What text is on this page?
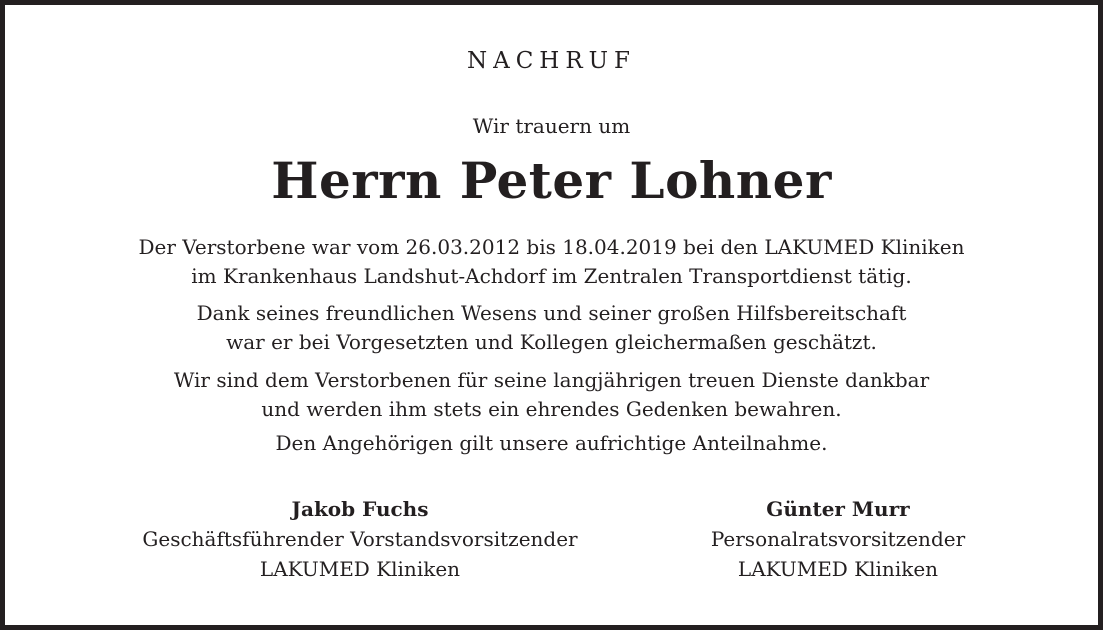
NACHRUF
Wir trauern um
Herrn Peter Lohner
Der Verstorbene war vom 26.03.2012 bis 18.04.2019 bei den LAKUMED Kliniken
im Krankenhaus Landshut-Achdorf im Zentralen Transportdienst tätig.
Dank seines freundlichen Wesens und seiner großen Hilfsbereitschaft
war er bei Vorgesetzten und Kollegen gleichermaßen geschätzt.
Wir sind dem Verstorbenen für seine langjährigen treuen Dienste dankbar
und werden ihm stets ein ehrendes Gedenken bewahren.
Den Angehörigen gilt unsere aufrichtige Anteilnahme.
Jakob Fuchs
Geschäftsführender Vorstandsvorsitzender
LAKUMED Kliniken
Günter Murr
Personalratsvorsitzender
LAKUMED Kliniken
